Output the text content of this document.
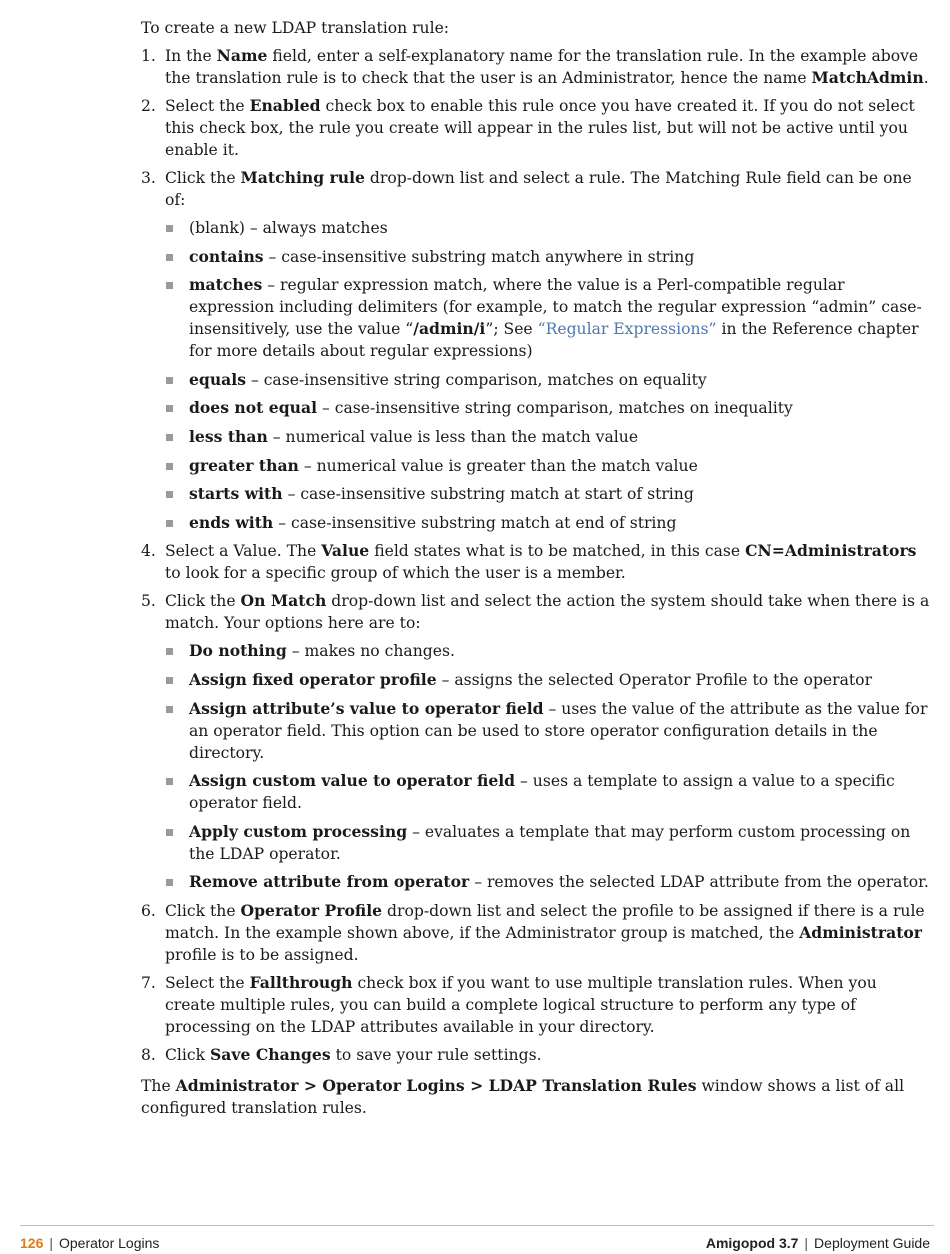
To create a new LDAP translation rule:

1. In the Name field, enter a self-explanatory name for the translation rule. In the example above the translation rule is to check that the user is an Administrator, hence the name MatchAdmin.
2. Select the Enabled check box to enable this rule once you have created it. If you do not select this check box, the rule you create will appear in the rules list, but will not be active until you enable it.
3. Click the Matching rule drop-down list and select a rule. The Matching Rule field can be one of:
(blank) – always matches
contains – case-insensitive substring match anywhere in string
matches – regular expression match, where the value is a Perl-compatible regular expression including delimiters (for example, to match the regular expression “admin” case-insensitively, use the value “/admin/i”; See “Regular Expressions” in the Reference chapter for more details about regular expressions)
equals – case-insensitive string comparison, matches on equality
does not equal – case-insensitive string comparison, matches on inequality
less than – numerical value is less than the match value
greater than – numerical value is greater than the match value
starts with – case-insensitive substring match at start of string
ends with – case-insensitive substring match at end of string
4. Select a Value. The Value field states what is to be matched, in this case CN=Administrators to look for a specific group of which the user is a member.
5. Click the On Match drop-down list and select the action the system should take when there is a match. Your options here are to:
Do nothing – makes no changes.
Assign fixed operator profile – assigns the selected Operator Profile to the operator
Assign attribute’s value to operator field – uses the value of the attribute as the value for an operator field. This option can be used to store operator configuration details in the directory.
Assign custom value to operator field – uses a template to assign a value to a specific operator field.
Apply custom processing – evaluates a template that may perform custom processing on the LDAP operator.
Remove attribute from operator – removes the selected LDAP attribute from the operator.
6. Click the Operator Profile drop-down list and select the profile to be assigned if there is a rule match. In the example shown above, if the Administrator group is matched, the Administrator profile is to be assigned.
7. Select the Fallthrough check box if you want to use multiple translation rules. When you create multiple rules, you can build a complete logical structure to perform any type of processing on the LDAP attributes available in your directory.
8. Click Save Changes to save your rule settings.

The Administrator > Operator Logins > LDAP Translation Rules window shows a list of all configured translation rules.

126 | Operator Logins	Amigopod 3.7 | Deployment Guide
